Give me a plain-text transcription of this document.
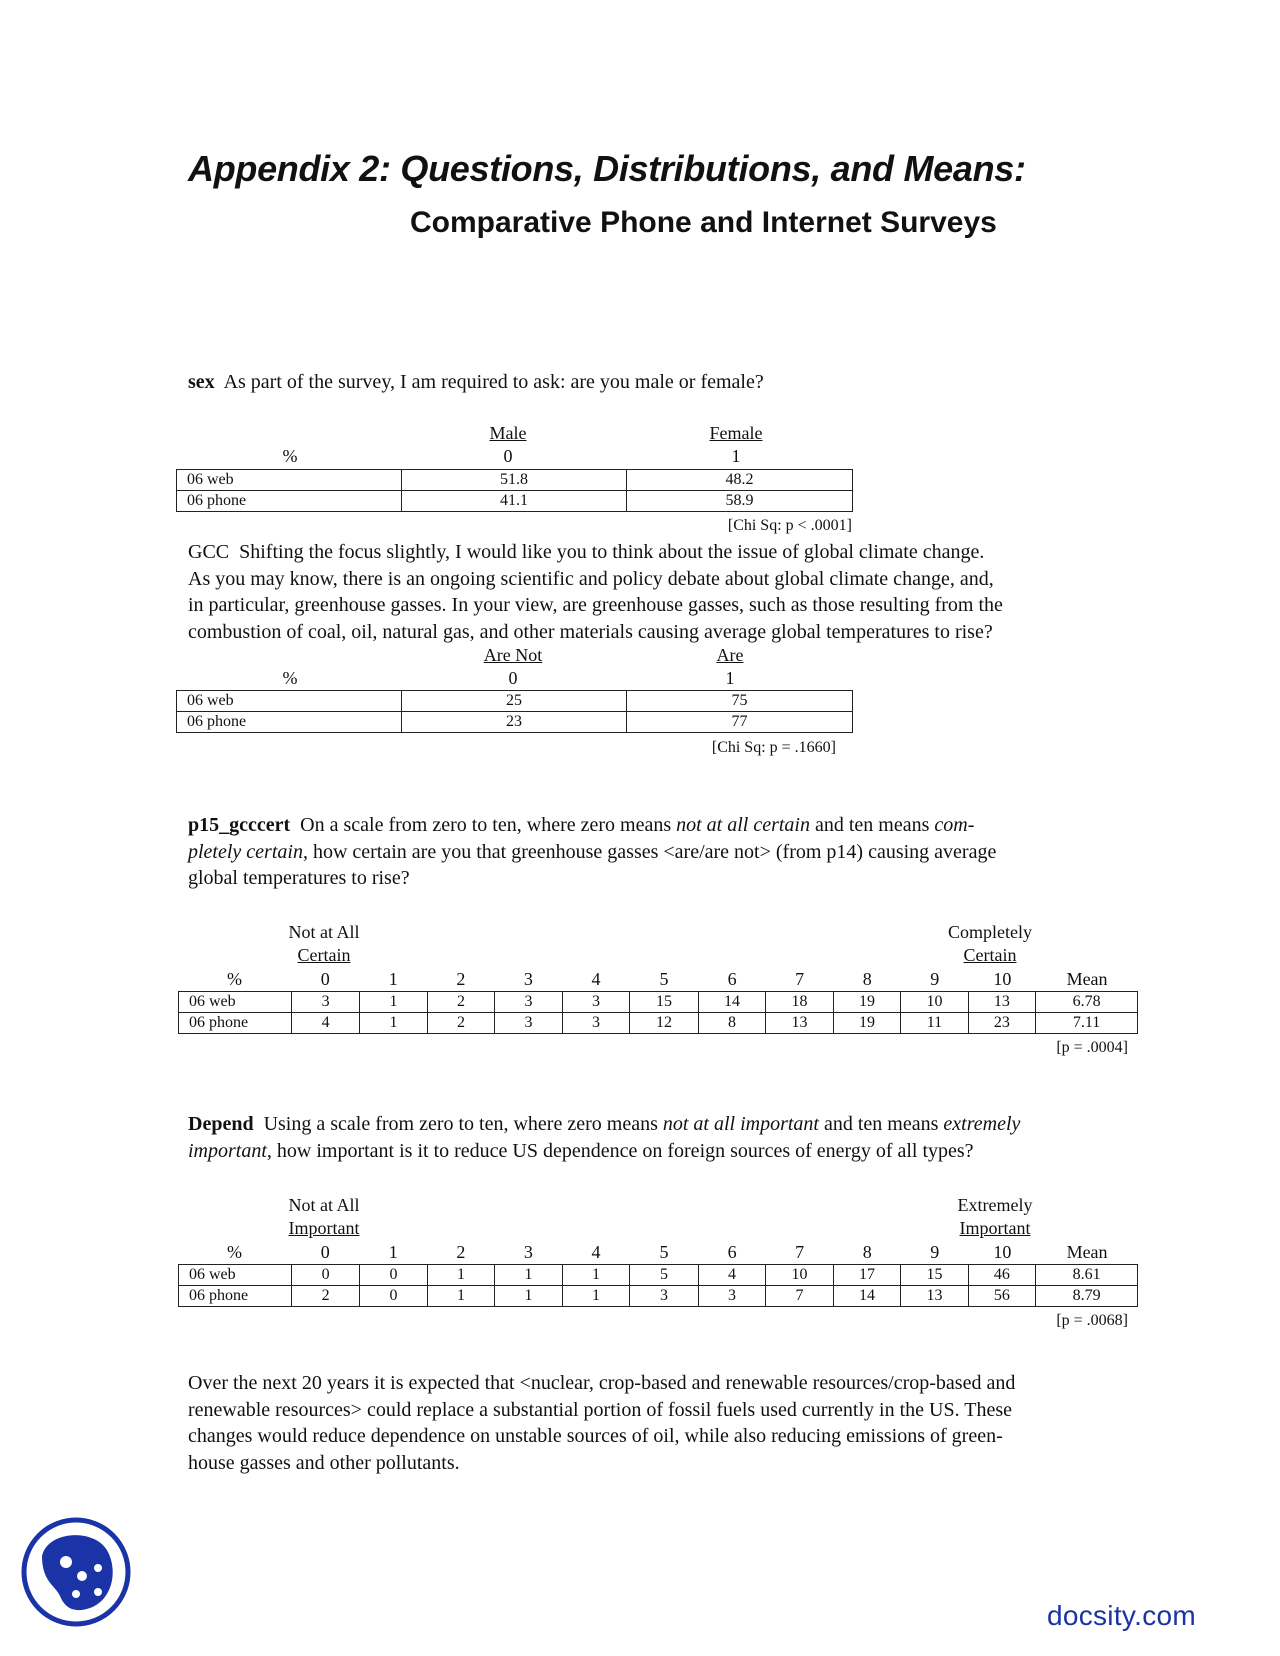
Appendix 2: Questions, Distributions, and Means:
Comparative Phone and Internet Surveys

sex As part of the survey, I am required to ask: are you male or female?

Male	Female
%	0	1
06 web	51.8	48.2
06 phone	41.1	58.9
[Chi Sq: p < .0001]
GCC Shifting the focus slightly, I would like you to think about the issue of global climate change.
As you may know, there is an ongoing scientific and policy debate about global climate change, and,
in particular, greenhouse gasses. In your view, are greenhouse gasses, such as those resulting from the
combustion of coal, oil, natural gas, and other materials causing average global temperatures to rise?
Are Not	Are
%	0	1
06 web	25	75
06 phone	23	77
[Chi Sq: p = .1660]
p15_gcccert On a scale from zero to ten, where zero means not at all certain and ten means com-
pletely certain, how certain are you that greenhouse gasses <are/are not> (from p14) causing average
global temperatures to rise?
Not at All
Certain
Completely
Certain
%	0	1	2	3	4	5	6	7	8	9	10	Mean
06 web	3	1	2	3	3	15	14	18	19	10	13	6.78
06 phone	4	1	2	3	3	12	8	13	19	11	23	7.11
[p = .0004]
Depend Using a scale from zero to ten, where zero means not at all important and ten means extremely
important, how important is it to reduce US dependence on foreign sources of energy of all types?
Not at All
Important
Extremely
Important
%	0	1	2	3	4	5	6	7	8	9	10	Mean
06 web	0	0	1	1	1	5	4	10	17	15	46	8.61
06 phone	2	0	1	1	1	3	3	7	14	13	56	8.79
[p = .0068]
Over the next 20 years it is expected that <nuclear, crop-based and renewable resources/crop-based and
renewable resources> could replace a substantial portion of fossil fuels used currently in the US. These
changes would reduce dependence on unstable sources of oil, while also reducing emissions of green-
house gasses and other pollutants.
docsity.com
